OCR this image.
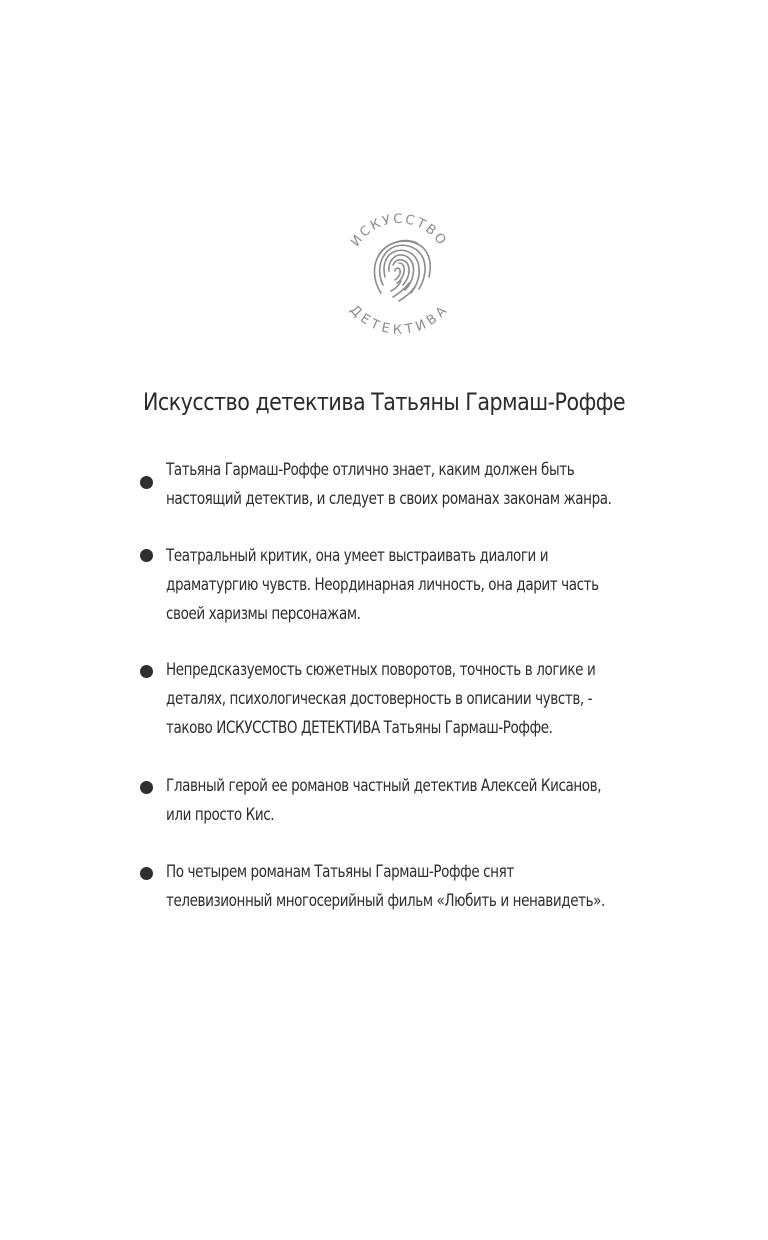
ИСКУССТВО
ДЕТЕКТИВА
Искусство детектива Татьяны Гармаш-Роффе
Татьяна Гармаш-Роффе отлично знает, каким должен быть
настоящий детектив, и следует в своих романах законам жанра.
Театральный критик, она умеет выстраивать диалоги и
драматургию чувств. Неординарная личность, она дарит часть
своей харизмы персонажам.
Непредсказуемость сюжетных поворотов, точность в логике и
деталях, психологическая достоверность в описании чувств, -
таково ИСКУССТВО ДЕТЕКТИВА Татьяны Гармаш-Роффе.
Главный герой ее романов частный детектив Алексей Кисанов,
или просто Кис.
По четырем романам Татьяны Гармаш-Роффе снят
телевизионный многосерийный фильм «Любить и ненавидеть».
